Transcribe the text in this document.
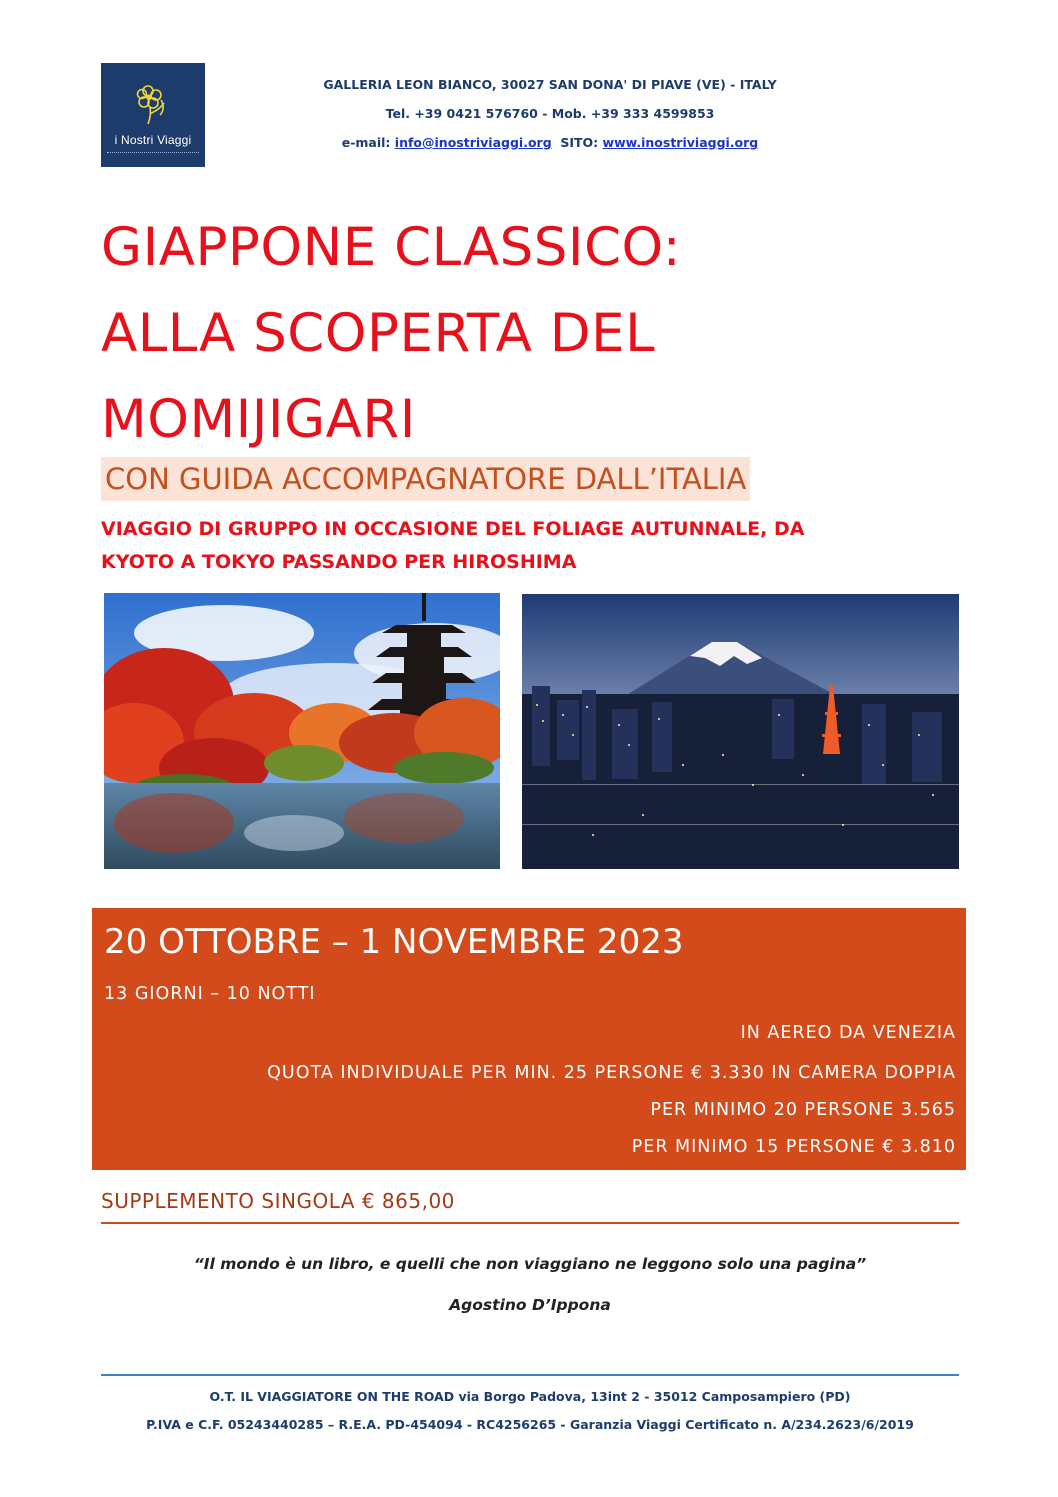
i Nostri Viaggi
GALLERIA LEON BIANCO, 30027 SAN DONA' DI PIAVE (VE) - ITALY
Tel. +39 0421 576760 - Mob. +39 333 4599853
e-mail: info@inostriviaggi.org SITO: www.inostriviaggi.org
GIAPPONE CLASSICO:
ALLA SCOPERTA DEL
MOMIJIGARI
CON GUIDA ACCOMPAGNATORE DALL’ITALIA
VIAGGIO DI GRUPPO IN OCCASIONE DEL FOLIAGE AUTUNNALE, DA
KYOTO A TOKYO PASSANDO PER HIROSHIMA
20 OTTOBRE – 1 NOVEMBRE 2023
13 GIORNI – 10 NOTTI
IN AEREO DA VENEZIA
QUOTA INDIVIDUALE PER MIN. 25 PERSONE € 3.330 IN CAMERA DOPPIA
PER MINIMO 20 PERSONE 3.565
PER MINIMO 15 PERSONE € 3.810
SUPPLEMENTO SINGOLA € 865,00
“Il mondo è un libro, e quelli che non viaggiano ne leggono solo una pagina”
Agostino D’Ippona
O.T. IL VIAGGIATORE ON THE ROAD via Borgo Padova, 13int 2 - 35012 Camposampiero (PD)
P.IVA e C.F. 05243440285 – R.E.A. PD-454094 - RC4256265 - Garanzia Viaggi Certificato n. A/234.2623/6/2019
